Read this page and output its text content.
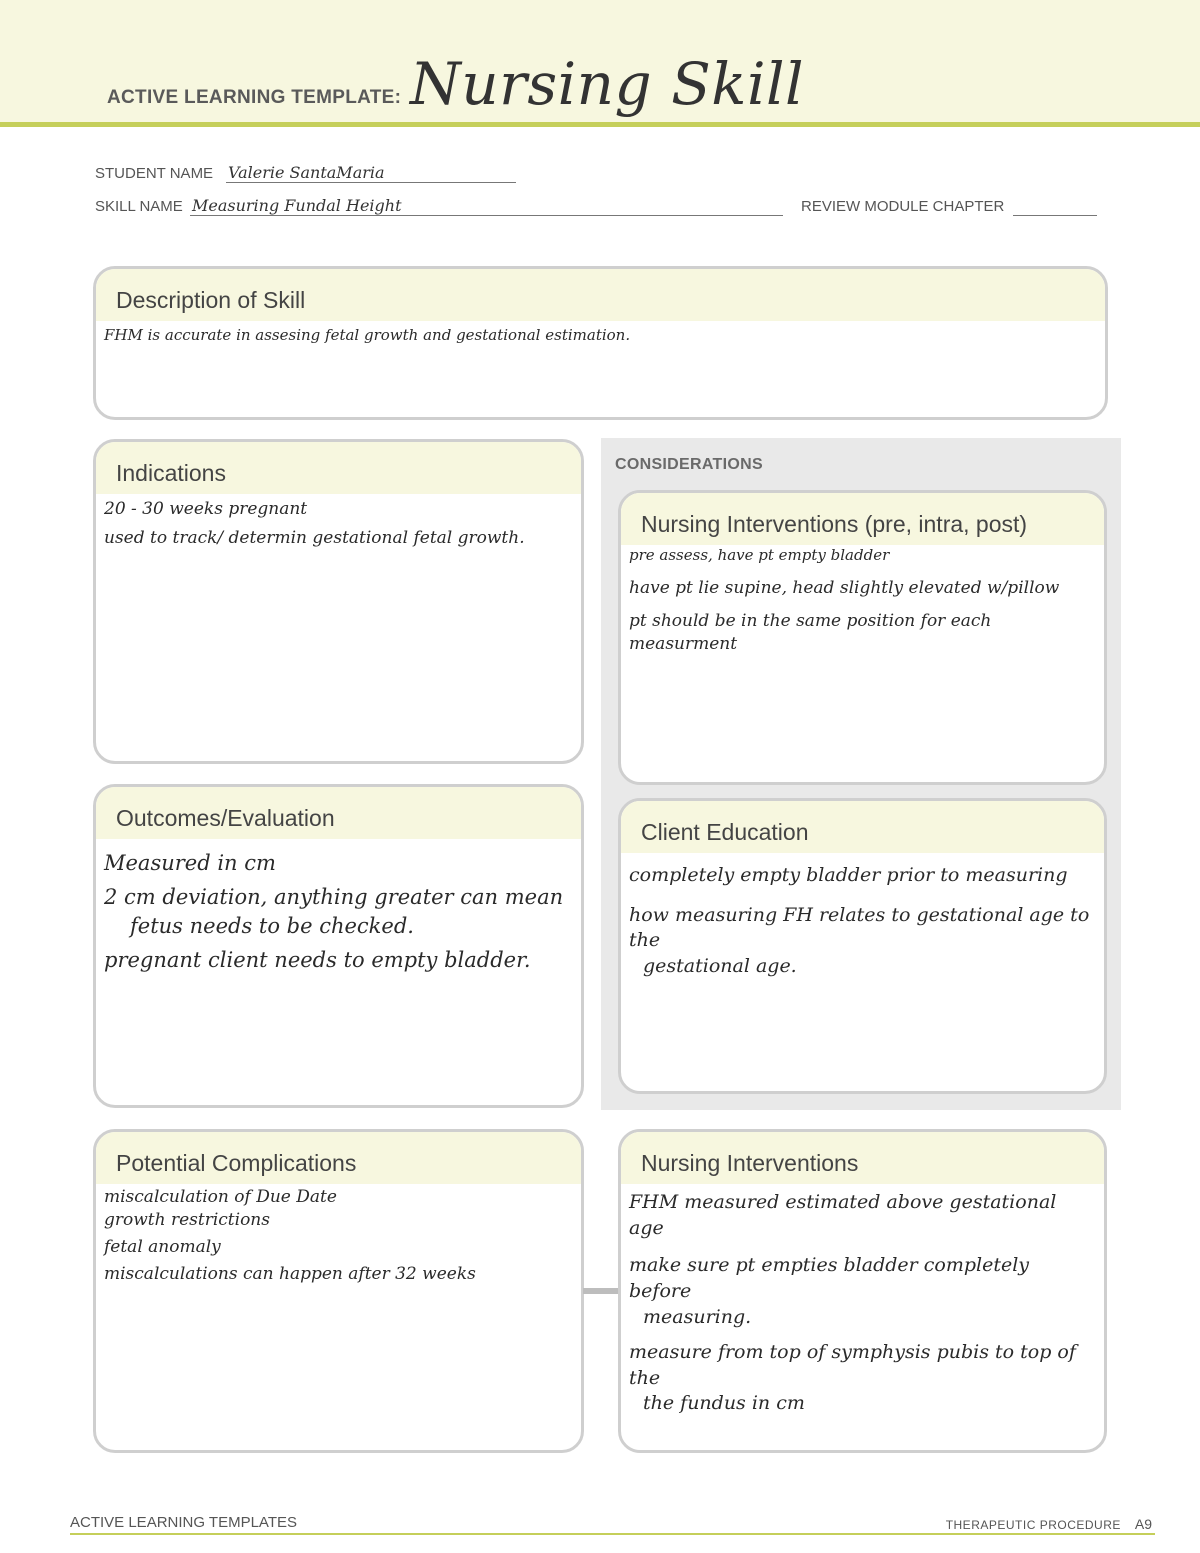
ACTIVE LEARNING TEMPLATE: Nursing Skill
STUDENT NAME Valerie SantaMaria
SKILL NAME Measuring Fundal Height	REVIEW MODULE CHAPTER
Description of Skill

FHM is accurate in assesing fetal growth and gestational estimation.

Indications

20 - 30 weeks pregnant

used to track/ determin gestational fetal growth.

CONSIDERATIONS
Nursing Interventions (pre, intra, post)

pre assess, have pt empty bladder

have pt lie supine, head slightly elevated w/pillow

pt should be in the same position for each measurment

Outcomes/Evaluation

Measured in cm

2 cm deviation, anything greater can mean

fetus needs to be checked.

pregnant client needs to empty bladder.

Client Education

completely empty bladder prior to measuring

how measuring FH relates to gestational age to the

gestational age.

Potential Complications

miscalculation of Due Date

growth restrictions

fetal anomaly

miscalculations can happen after 32 weeks

Nursing Interventions

FHM measured estimated above gestational age

make sure pt empties bladder completely before

measuring.

measure from top of symphysis pubis to top of the

the fundus in cm

ACTIVE LEARNING TEMPLATES	THERAPEUTIC PROCEDURE A9
